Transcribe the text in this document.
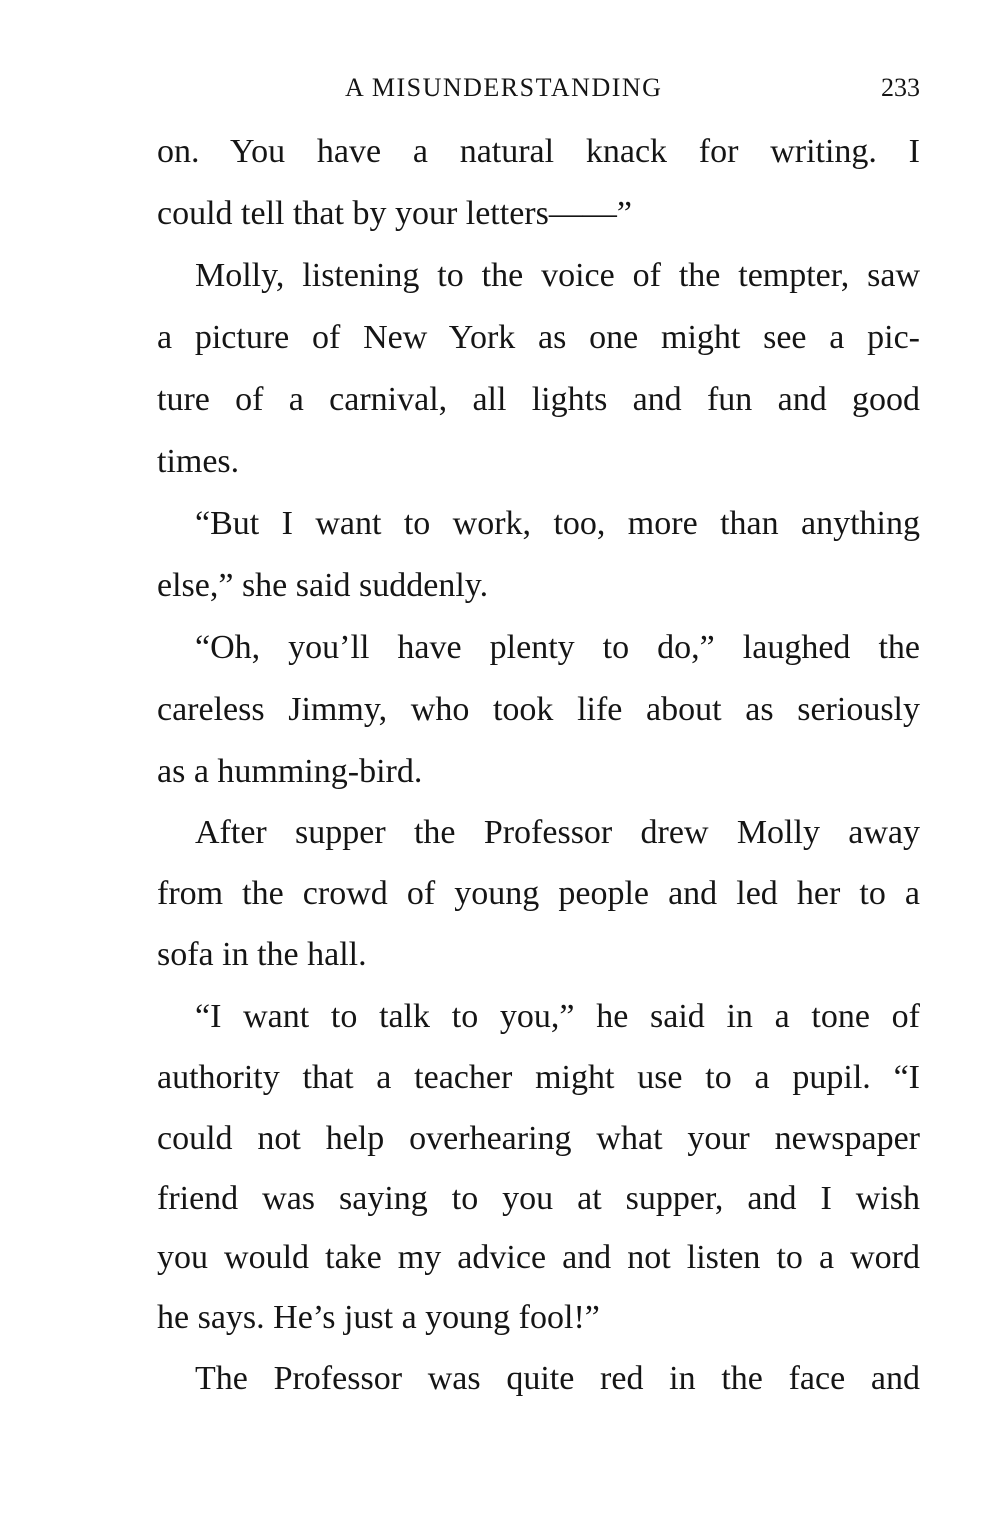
A MISUNDERSTANDING	233
on. You have a natural knack for writing. I
could tell that by your letters——”
Molly, listening to the voice of the tempter, saw
a picture of New York as one might see a pic-
ture of a carnival, all lights and fun and good
times.
“But I want to work, too, more than anything
else,” she said suddenly.
“Oh, you’ll have plenty to do,” laughed the
careless Jimmy, who took life about as seriously
as a humming-bird.
After supper the Professor drew Molly away
from the crowd of young people and led her to a
sofa in the hall.
“I want to talk to you,” he said in a tone of
authority that a teacher might use to a pupil. “I
could not help overhearing what your newspaper
friend was saying to you at supper, and I wish
you would take my advice and not listen to a word
he says. He’s just a young fool!”
The Professor was quite red in the face and
